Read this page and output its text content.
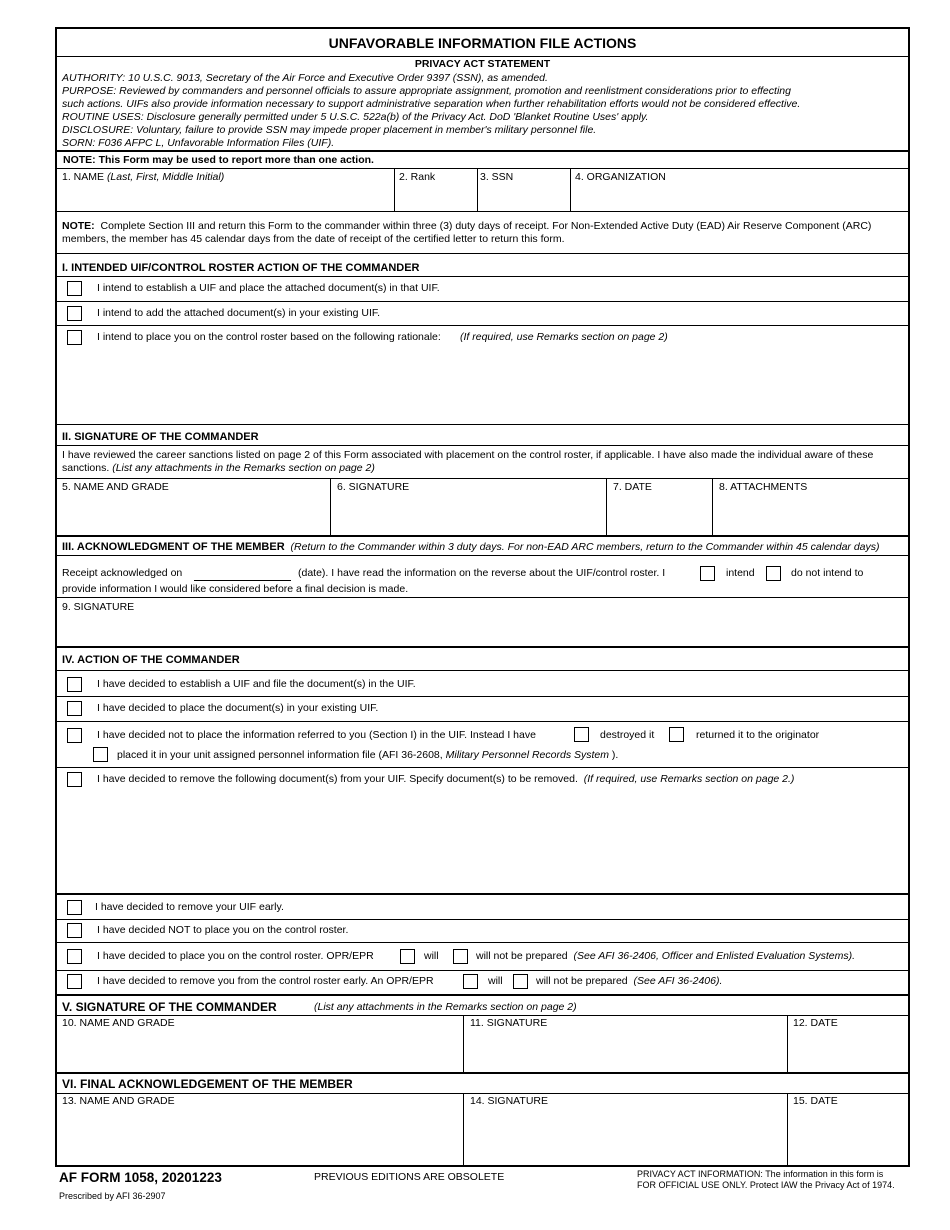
UNFAVORABLE INFORMATION FILE ACTIONS
PRIVACY ACT STATEMENT
AUTHORITY: 10 U.S.C. 9013, Secretary of the Air Force and Executive Order 9397 (SSN), as amended.
PURPOSE: Reviewed by commanders and personnel officials to assure appropriate assignment, promotion and reenlistment considerations prior to effecting
such actions. UIFs also provide information necessary to support administrative separation when further rehabilitation efforts would not be considered effective.
ROUTINE USES: Disclosure generally permitted under 5 U.S.C. 522a(b) of the Privacy Act. DoD 'Blanket Routine Uses' apply.
DISCLOSURE: Voluntary, failure to provide SSN may impede proper placement in member's military personnel file.
SORN: F036 AFPC L, Unfavorable Information Files (UIF).
NOTE: This Form may be used to report more than one action.
1. NAME (Last, First, Middle Initial)	2. Rank	3. SSN	4. ORGANIZATION
NOTE: Complete Section III and return this Form to the commander within three (3) duty days of receipt. For Non-Extended Active Duty (EAD) Air Reserve Component (ARC)
members, the member has 45 calendar days from the date of receipt of the certified letter to return this form.
I. INTENDED UIF/CONTROL ROSTER ACTION OF THE COMMANDER
I intend to establish a UIF and place the attached document(s) in that UIF.
I intend to add the attached document(s) in your existing UIF.
I intend to place you on the control roster based on the following rationale: (If required, use Remarks section on page 2)
II. SIGNATURE OF THE COMMANDER
I have reviewed the career sanctions listed on page 2 of this Form associated with placement on the control roster, if applicable. I have also made the individual aware of these
sanctions. (List any attachments in the Remarks section on page 2)
5. NAME AND GRADE	6. SIGNATURE	7. DATE	8. ATTACHMENTS
III. ACKNOWLEDGMENT OF THE MEMBER (Return to the Commander within 3 duty days. For non-EAD ARC members, return to the Commander within 45 calendar days)
Receipt acknowledged on	(date). I have read the information on the reverse about the UIF/control roster. I	intend	do not intend to
provide information I would like considered before a final decision is made.
9. SIGNATURE
IV. ACTION OF THE COMMANDER
I have decided to establish a UIF and file the document(s) in the UIF.
I have decided to place the document(s) in your existing UIF.
I have decided not to place the information referred to you (Section I) in the UIF. Instead I have	destroyed it	returned it to the originator
placed it in your unit assigned personnel information file (AFI 36-2608, Military Personnel Records System ).
I have decided to remove the following document(s) from your UIF. Specify document(s) to be removed. (If required, use Remarks section on page 2.)
I have decided to remove your UIF early.
I have decided NOT to place you on the control roster.
I have decided to place you on the control roster. OPR/EPR	will	will not be prepared (See AFI 36-2406, Officer and Enlisted Evaluation Systems).
I have decided to remove you from the control roster early. An OPR/EPR	will	will not be prepared (See AFI 36-2406).
V. SIGNATURE OF THE COMMANDER	(List any attachments in the Remarks section on page 2)
10. NAME AND GRADE	11. SIGNATURE	12. DATE
VI. FINAL ACKNOWLEDGEMENT OF THE MEMBER
13. NAME AND GRADE	14. SIGNATURE	15. DATE
AF FORM 1058, 20201223	PREVIOUS EDITIONS ARE OBSOLETE	PRIVACY ACT INFORMATION: The information in this form is
FOR OFFICIAL USE ONLY. Protect IAW the Privacy Act of 1974.
Prescribed by AFI 36-2907
